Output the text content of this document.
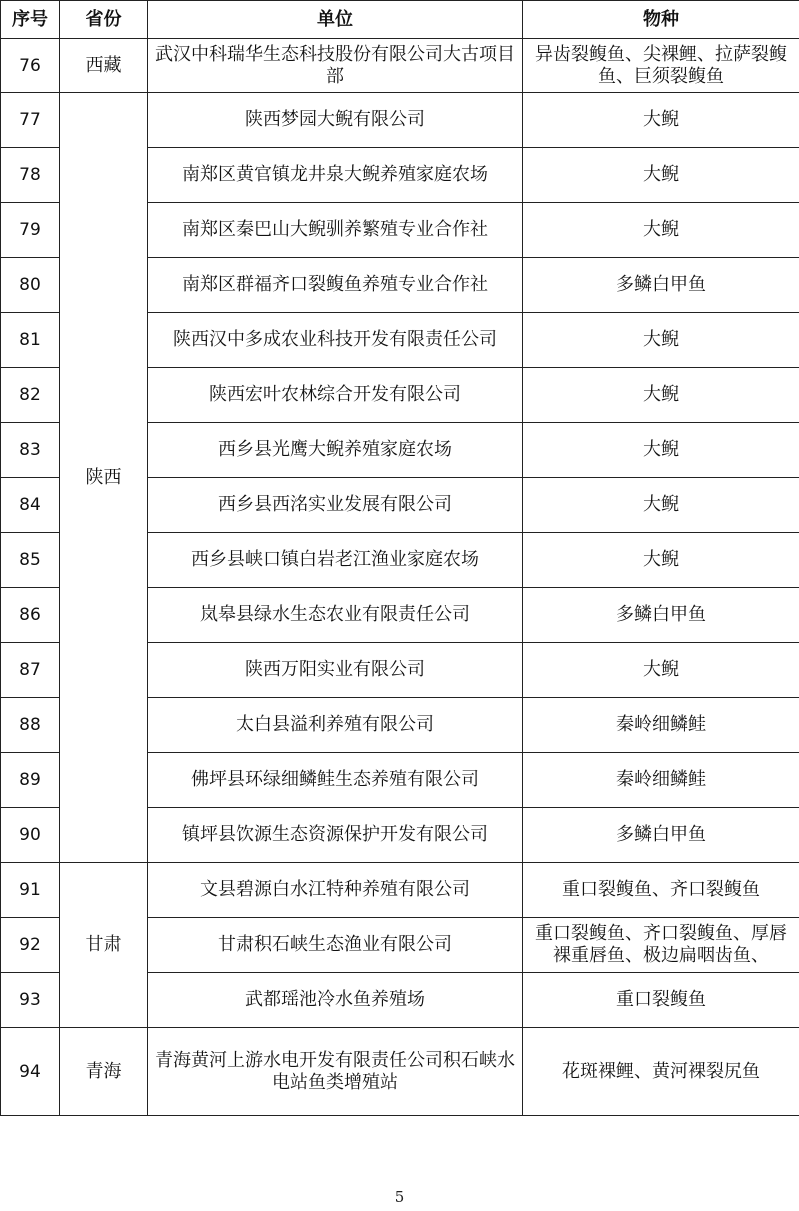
序号	省份	单位	物种
76	西藏	武汉中科瑞华生态科技股份有限公司大古项目部	异齿裂鳆鱼、尖裸鲤、拉萨裂鳆鱼、巨须裂鳆鱼
77	陕西	陕西梦园大鲵有限公司	大鲵
78		南郑区黄官镇龙井泉大鲵养殖家庭农场	大鲵
79		南郑区秦巴山大鲵驯养繁殖专业合作社	大鲵
80		南郑区群福齐口裂鳆鱼养殖专业合作社	多鳞白甲鱼
81		陕西汉中多成农业科技开发有限责任公司	大鲵
82		陕西宏叶农林综合开发有限公司	大鲵
83		西乡县光鹰大鲵养殖家庭农场	大鲵
84		西乡县西洺实业发展有限公司	大鲵
85		西乡县峡口镇白岩老江渔业家庭农场	大鲵
86		岚皋县绿水生态农业有限责任公司	多鳞白甲鱼
87		陕西万阳实业有限公司	大鲵
88		太白县溢利养殖有限公司	秦岭细鳞鲑
89		佛坪县环绿细鳞鲑生态养殖有限公司	秦岭细鳞鲑
90		镇坪县饮源生态资源保护开发有限公司	多鳞白甲鱼
91	甘肃	文县碧源白水江特种养殖有限公司	重口裂鳆鱼、齐口裂鳆鱼
92		甘肃积石峡生态渔业有限公司	重口裂鳆鱼、齐口裂鳆鱼、厚唇裸重唇鱼、极边扁咽齿鱼、
93		武都瑶池冷水鱼养殖场	重口裂鳆鱼
94	青海	青海黄河上游水电开发有限责任公司积石峡水电站鱼类增殖站	花斑裸鲤、黄河裸裂尻鱼
5
